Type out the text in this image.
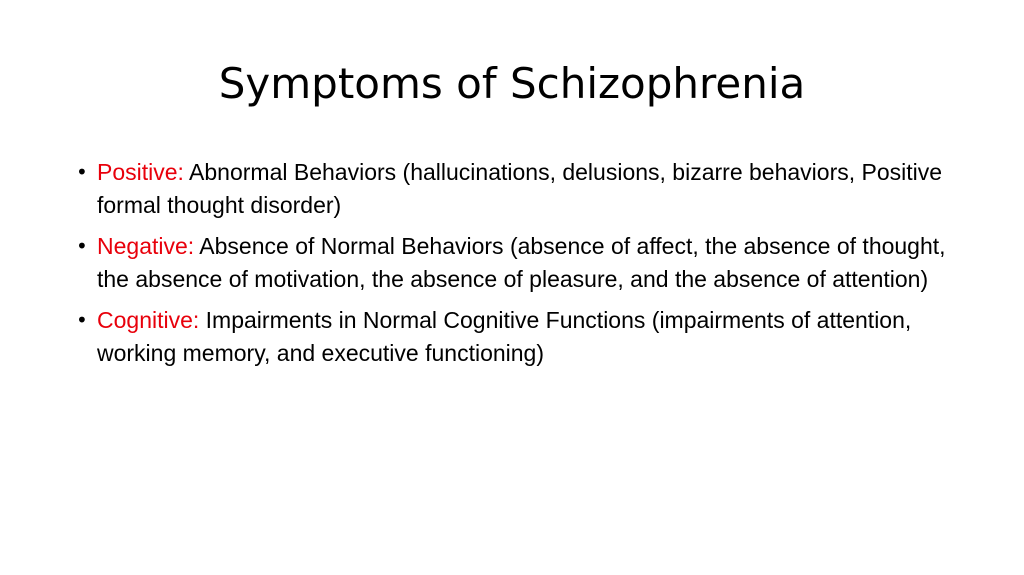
Symptoms of Schizophrenia
• Positive: Abnormal Behaviors (hallucinations, delusions, bizarre behaviors, Positive formal thought disorder)
• Negative: Absence of Normal Behaviors (absence of affect, the absence of thought, the absence of motivation, the absence of pleasure, and the absence of attention)
• Cognitive: Impairments in Normal Cognitive Functions (impairments of attention, working memory, and executive functioning)
